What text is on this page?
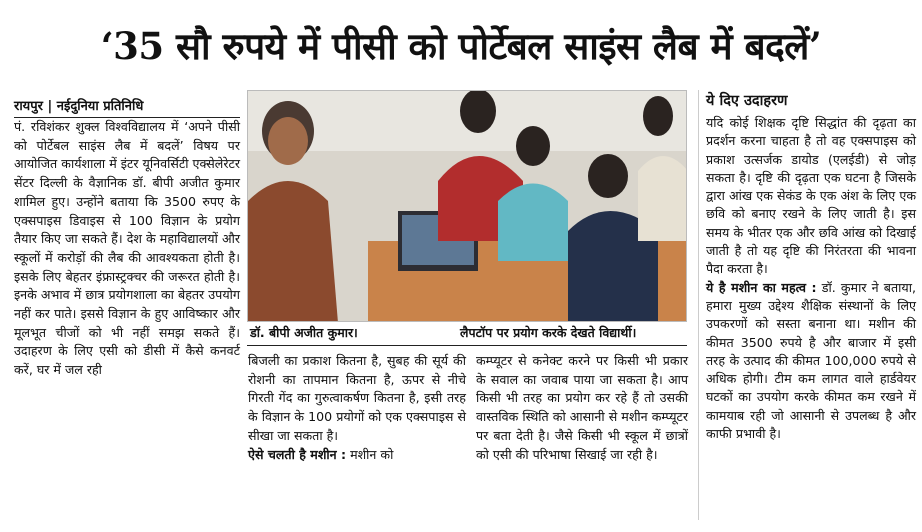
‘35 सौ रुपये में पीसी को पोर्टेबल साइंस लैब में बदलें’
रायपुर | नईदुनिया प्रतिनिधि

पं. रविशंकर शुक्ल विश्वविद्यालय में ‘अपने पीसी को पोर्टेबल साइंस लैब में बदलें’ विषय पर आयोजित कार्यशाला में इंटर यूनिवर्सिटी एक्सेलेरेटर सेंटर दिल्ली के वैज्ञानिक डॉ. बीपी अजीत कुमार शामिल हुए। उन्होंने बताया कि 3500 रुपए के एक्सपाइस डिवाइस से 100 विज्ञान के प्रयोग तैयार किए जा सकते हैं। देश के महाविद्यालयों और स्कूलों में करोड़ों की लैब की आवश्यकता होती है। इसके लिए बेहतर इंफ्रास्ट्रक्चर की जरूरत होती है। इनके अभाव में छात्र प्रयोगशाला का बेहतर उपयोग नहीं कर पाते। इससे विज्ञान के हुए आविष्कार और मूलभूत चीजों को भी नहीं समझ सकते हैं। उदाहरण के लिए एसी को डीसी में कैसे कनवर्ट करें, घर में जल रही

डॉ. बीपी अजीत कुमार।	लैपटॉप पर प्रयोग करके देखते विद्यार्थी।

बिजली का प्रकाश कितना है, सुबह की सूर्य की रोशनी का तापमान कितना है, ऊपर से नीचे गिरती गेंद का गुरुत्वाकर्षण कितना है, इसी तरह के विज्ञान के 100 प्रयोगों को एक एक्सपाइस से सीखा जा सकता है।

ऐसे चलती है मशीन : मशीन को

कम्प्यूटर से कनेक्ट करने पर किसी भी प्रकार के सवाल का जवाब पाया जा सकता है। आप किसी भी तरह का प्रयोग कर रहे हैं तो उसकी वास्तविक स्थिति को आसानी से मशीन कम्प्यूटर पर बता देती है। जैसे किसी भी स्कूल में छात्रों को एसी की परिभाषा सिखाई जा रही है।

ये दिए उदाहरण

यदि कोई शिक्षक दृष्टि सिद्धांत की दृढ़ता का प्रदर्शन करना चाहता है तो वह एक्सपाइस को प्रकाश उत्सर्जक डायोड (एलईडी) से जोड़ सकता है। दृष्टि की दृढ़ता एक घटना है जिसके द्वारा आंख एक सेकंड के एक अंश के लिए एक छवि को बनाए रखने के लिए जाती है। इस समय के भीतर एक और छवि आंख को दिखाई जाती है तो यह दृष्टि की निरंतरता की भावना पैदा करता है।

ये है मशीन का महत्व : डॉ. कुमार ने बताया, हमारा मुख्य उद्देश्य शैक्षिक संस्थानों के लिए उपकरणों को सस्ता बनाना था। मशीन की कीमत 3500 रुपये है और बाजार में इसी तरह के उत्पाद की कीमत 100,000 रुपये से अधिक होगी। टीम कम लागत वाले हार्डवेयर घटकों का उपयोग करके कीमत कम रखने में कामयाब रही जो आसानी से उपलब्ध है और काफी प्रभावी है।
